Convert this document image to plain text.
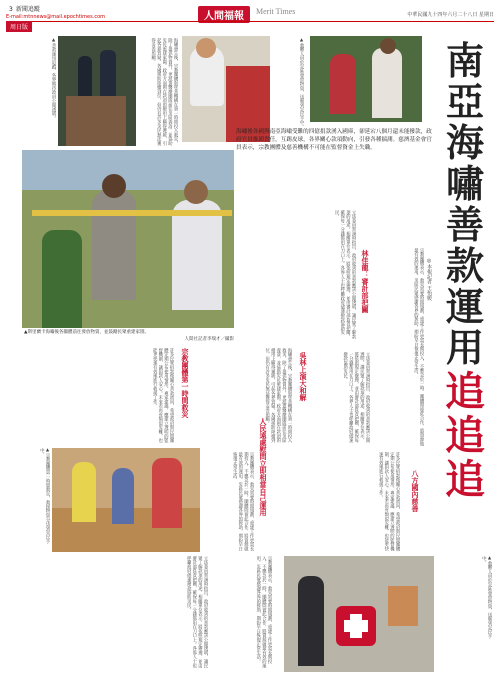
3 新聞追蹤
E-mail:mtnnews@mail.epochtimes.com	人間福報	Merit Times	中華民國九十四年六月二十八日 星期日
周日版
▲善款運用追蹤，各界期待政府公開透明。	海嘯發生後，宗教團體與慈善機構在第一時間投入救災，除了提供物資外，更派遣醫療團隊前往災區義診，並協助災民重建家園。政府方面則在款項的撥用上顯得遲緩，引起各界質疑。各國援助陸續到位，但仍有許多災民無法獲得妥善照顧。	▲救難人員於災區發放物資，送暖到災民手中。	南亞海嘯善款運用
追追追
海嘯後各國與南亞海嘯受難的四億捐款湧入國庫，卻延宕八個月還未能撥款，政府官員推卸責任，互踢皮球，各界關心款項動向，引發各種揣測。慈濟基金會官員表示，宗教團體及慈善機構不可能在監督資金上失職。
▲斯里蘭卡海嘯後各團體前往發放物資，並鼓勵民眾重建家園。
人間社記者李瑞才／攝影
林佳龍：審計部把關
吳林上演大和解
宗教團體第一時間救災
八方國內慈善
人民遠處慰問立即相當自己運用
◎本報記者 王怡媛
立法委員質詢時指出，政府收到的善款應該公開透明，讓民眾了解款項的用途。相關單位表示，將依照規定辦理，並由審計部負責把關，確保每一分錢都用在刀口上。各界人士也呼籲政府儘速撥款協助災民。
宗教團體表示，救災需要時間規劃，重建工作更需長期投入，不應急於一時。團體間彼此合作，將資源做最有效的運用。災區民眾感謝各界的援助，期盼早日恢復正常生活。
許多民眾捐款後關心善款流向，希望政府與民間團體定期公布使用情形。專家建議，應建立透明的監督機制，讓捐款人安心。未來若再有類似災難，也能更快速有效地進行救援工作。	海嘯發生後，宗教團體與慈善機構在第一時間投入救災，除了提供物資外，更派遣醫療團隊前往災區義診，並協助災民重建家園。政府方面則在款項的撥用上顯得遲緩，引起各界質疑。各國援助陸續到位，但仍有許多災民無法獲得妥善照顧。	立法委員質詢時指出，政府收到的善款應該公開透明，讓民眾了解款項的用途。相關單位表示，將依照規定辦理，並由審計部負責把關，確保每一分錢都用在刀口上。各界人士也呼籲政府儘速撥款協助災民。
宗教團體表示，救災需要時間規劃，重建工作更需長期投入，不應急於一時。團體間彼此合作，將資源做最有效的運用。災區民眾感謝各界的援助，期盼早日恢復正常生活。	許多民眾捐款後關心善款流向，希望政府與民間團體定期公布使用情形。專家建議，應建立透明的監督機制，讓捐款人安心。未來若再有類似災難，也能更快速有效地進行救援工作。
立法委員質詢時指出，政府收到的善款應該公開透明，讓民眾了解款項的用途。相關單位表示，將依照規定辦理，並由審計部負責把關，確保每一分錢都用在刀口上。各界人士也呼籲政府儘速撥款協助災民。	宗教團體表示，救災需要時間規劃，重建工作更需長期投入，不應急於一時。團體間彼此合作，將資源做最有效的運用。災區民眾感謝各界的援助，期盼早日恢復正常生活。
▲宗教團體第一時間救災，救援物資分送到災民手中。
▲救難人員於災區發放物資，送暖到災民手中。
